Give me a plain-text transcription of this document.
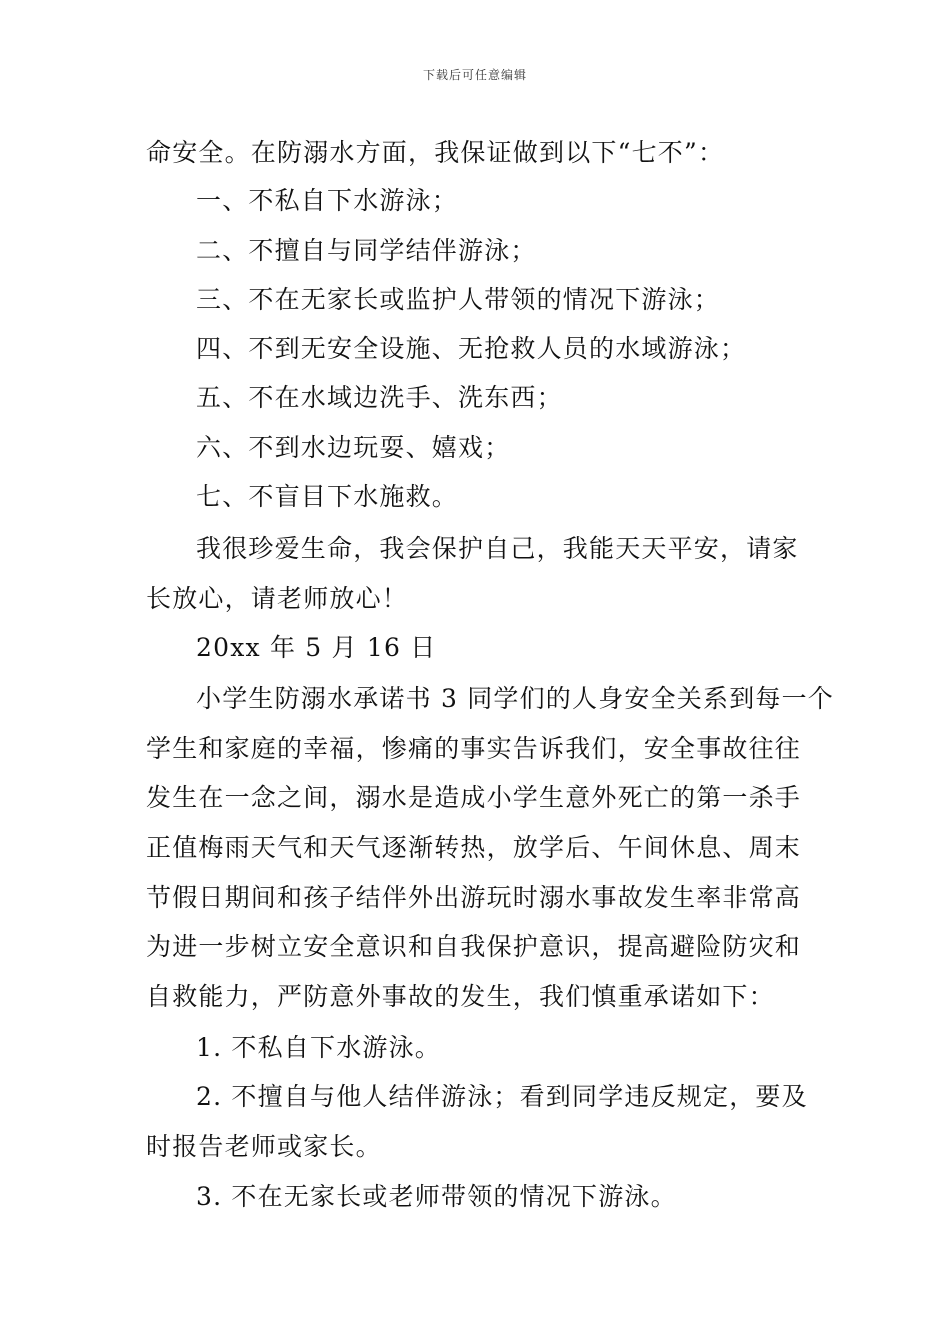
下载后可任意编辑
命安全。在防溺水方面，我保证做到以下“七不”：
一、不私自下水游泳；
二、不擅自与同学结伴游泳；
三、不在无家长或监护人带领的情况下游泳；
四、不到无安全设施、无抢救人员的水域游泳；
五、不在水域边洗手、洗东西；
六、不到水边玩耍、嬉戏；
七、不盲目下水施救。
我很珍爱生命，我会保护自己，我能天天平安，请家
长放心，请老师放心！
20xx 年 5 月 16 日
小学生防溺水承诺书 3 同学们的人身安全关系到每一个
学生和家庭的幸福，惨痛的事实告诉我们，安全事故往往
发生在一念之间，溺水是造成小学生意外死亡的第一杀手
正值梅雨天气和天气逐渐转热，放学后、午间休息、周末
节假日期间和孩子结伴外出游玩时溺水事故发生率非常高
为进一步树立安全意识和自我保护意识，提高避险防灾和
自救能力，严防意外事故的发生，我们慎重承诺如下：
1. 不私自下水游泳。
2. 不擅自与他人结伴游泳；看到同学违反规定，要及
时报告老师或家长。
3. 不在无家长或老师带领的情况下游泳。
